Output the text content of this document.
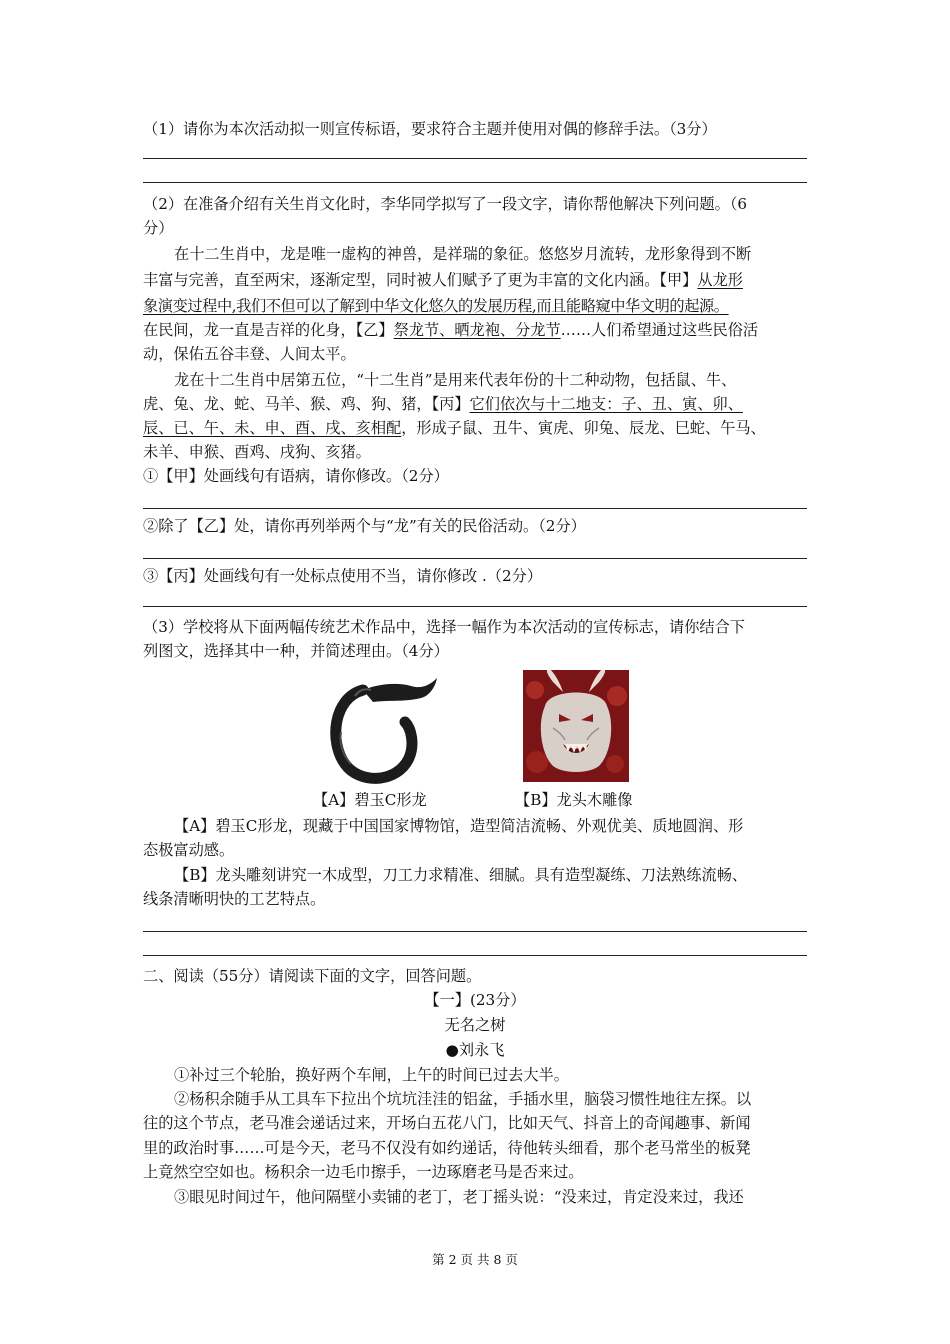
（1）请你为本次活动拟一则宣传标语，要求符合主题并使用对偶的修辞手法。（3分）
（2）在准备介绍有关生肖文化时，李华同学拟写了一段文字，请你帮他解决下列问题。（6
分）
在十二生肖中，龙是唯一虚构的神兽，是祥瑞的象征。悠悠岁月流转，龙形象得到不断
丰富与完善，直至两宋，逐渐定型，同时被人们赋予了更为丰富的文化内涵。【甲】从龙形
象演变过程中,我们不但可以了解到中华文化悠久的发展历程,而且能略窥中华文明的起源。
在民间，龙一直是吉祥的化身，【乙】祭龙节、晒龙袍、分龙节……人们希望通过这些民俗活
动，保佑五谷丰登、人间太平。
龙在十二生肖中居第五位，“十二生肖”是用来代表年份的十二种动物，包括鼠、牛、
虎、兔、龙、蛇、马羊、猴、鸡、狗、猪，【丙】它们依次与十二地支：子、丑、寅、卯、
辰、已、午、未、申、酉、戌、亥相配，形成子鼠、丑牛、寅虎、卯兔、辰龙、巳蛇、午马、
未羊、申猴、酉鸡、戌狗、亥猪。
①【甲】处画线句有语病，请你修改。（2分）
②除了【乙】处，请你再列举两个与“龙”有关的民俗活动。（2分）
③【丙】处画线句有一处标点使用不当，请你修改 .（2分）
（3）学校将从下面两幅传统艺术作品中，选择一幅作为本次活动的宣传标志，请你结合下
列图文，选择其中一种，并简述理由。（4分）
•
【A】碧玉C形龙	【B】龙头木雕像
【A】碧玉C形龙，现藏于中国国家博物馆，造型简洁流畅、外观优美、质地圆润、形
态极富动感。
【B】龙头雕刻讲究一木成型，刀工力求精准、细腻。具有造型凝练、刀法熟练流畅、
线条清晰明快的工艺特点。
二、阅读（55分）请阅读下面的文字，回答问题。
【一】(23分）
无名之树
●刘永飞
①补过三个轮胎，换好两个车闸，上午的时间已过去大半。
②杨积余随手从工具车下拉出个坑坑洼洼的铝盆，手插水里，脑袋习惯性地往左探。以
往的这个节点，老马准会递话过来，开场白五花八门，比如天气、抖音上的奇闻趣事、新闻
里的政治时事……可是今天，老马不仅没有如约递话，待他转头细看，那个老马常坐的板凳
上竟然空空如也。杨积余一边毛巾擦手，一边琢磨老马是否来过。
③眼见时间过午，他问隔壁小卖铺的老丁，老丁摇头说：“没来过，肯定没来过，我还
第 2 页 共 8 页
